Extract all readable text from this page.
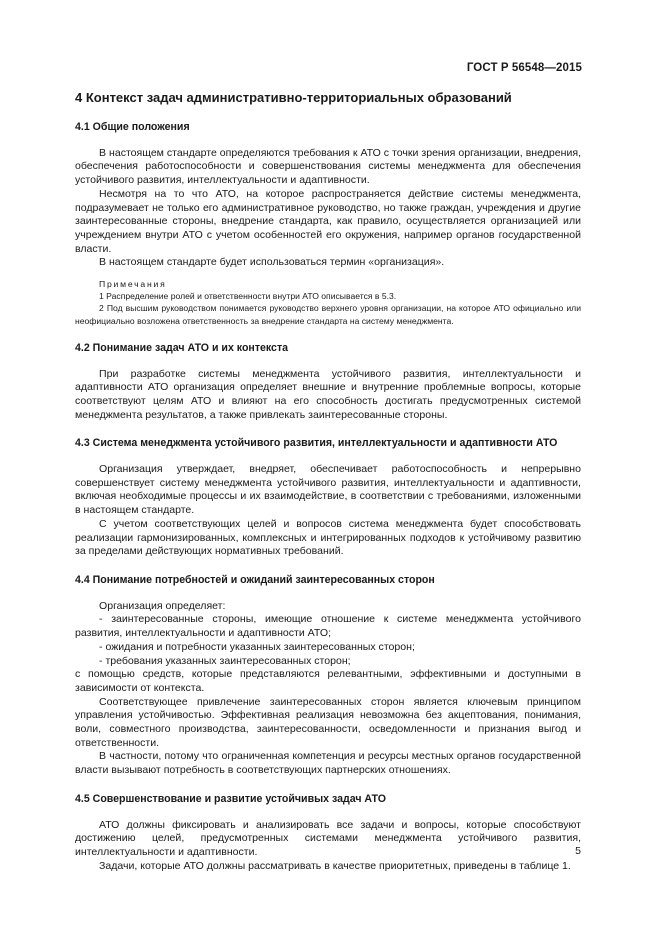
ГОСТ Р 56548—2015
4 Контекст задач административно-территориальных образований
4.1 Общие положения
В настоящем стандарте определяются требования к АТО с точки зрения организации, внедрения, обеспечения работоспособности и совершенствования системы менеджмента для обеспечения устойчивого развития, интеллектуальности и адаптивности.
Несмотря на то что АТО, на которое распространяется действие системы менеджмента, подразумевает не только его административное руководство, но также граждан, учреждения и другие заинтересованные стороны, внедрение стандарта, как правило, осуществляется организацией или учреждением внутри АТО с учетом особенностей его окружения, например органов государственной власти.
В настоящем стандарте будет использоваться термин «организация».
Примечания
1 Распределение ролей и ответственности внутри АТО описывается в 5.3.
2 Под высшим руководством понимается руководство верхнего уровня организации, на которое АТО официально или неофициально возложена ответственность за внедрение стандарта на систему менеджмента.
4.2 Понимание задач АТО и их контекста
При разработке системы менеджмента устойчивого развития, интеллектуальности и адаптивности АТО организация определяет внешние и внутренние проблемные вопросы, которые соответствуют целям АТО и влияют на его способность достигать предусмотренных системой менеджмента результатов, а также привлекать заинтересованные стороны.
4.3 Система менеджмента устойчивого развития, интеллектуальности и адаптивности АТО
Организация утверждает, внедряет, обеспечивает работоспособность и непрерывно совершенствует систему менеджмента устойчивого развития, интеллектуальности и адаптивности, включая необходимые процессы и их взаимодействие, в соответствии с требованиями, изложенными в настоящем стандарте.
С учетом соответствующих целей и вопросов система менеджмента будет способствовать реализации гармонизированных, комплексных и интегрированных подходов к устойчивому развитию за пределами действующих нормативных требований.
4.4 Понимание потребностей и ожиданий заинтересованных сторон
Организация определяет:
- заинтересованные стороны, имеющие отношение к системе менеджмента устойчивого развития, интеллектуальности и адаптивности АТО;
- ожидания и потребности указанных заинтересованных сторон;
- требования указанных заинтересованных сторон;
с помощью средств, которые представляются релевантными, эффективными и доступными в зависимости от контекста.
Соответствующее привлечение заинтересованных сторон является ключевым принципом управления устойчивостью. Эффективная реализация невозможна без акцептования, понимания, воли, совместного производства, заинтересованности, осведомленности и признания выгод и ответственности.
В частности, потому что ограниченная компетенция и ресурсы местных органов государственной власти вызывают потребность в соответствующих партнерских отношениях.
4.5 Совершенствование и развитие устойчивых задач АТО
АТО должны фиксировать и анализировать все задачи и вопросы, которые способствуют достижению целей, предусмотренных системами менеджмента устойчивого развития, интеллектуальности и адаптивности.
Задачи, которые АТО должны рассматривать в качестве приоритетных, приведены в таблице 1.
5
